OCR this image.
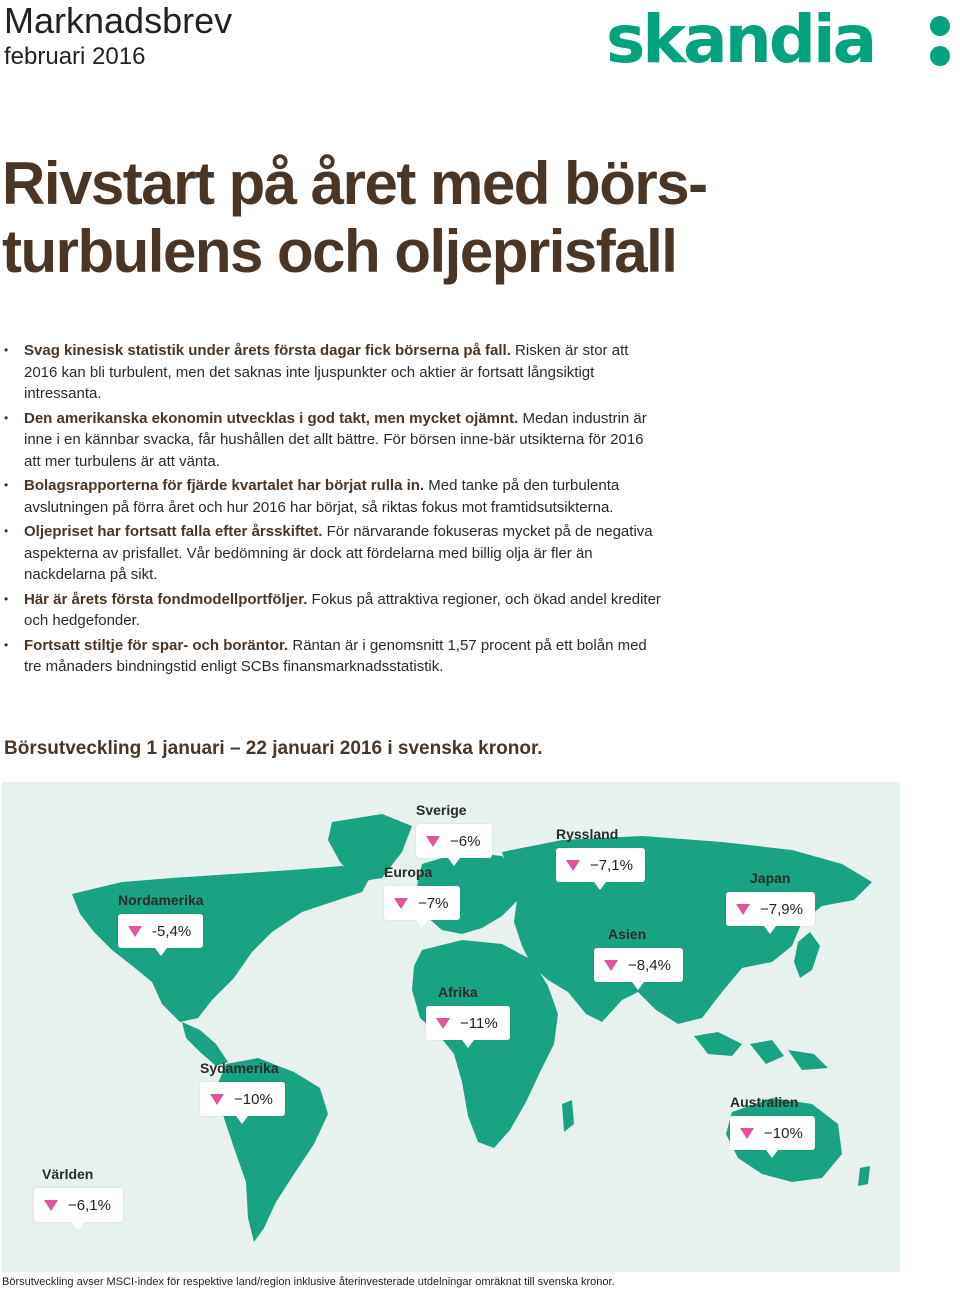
Marknadsbrev
februari 2016	skandia
Rivstart på året med börs-
turbulens och oljeprisfall
• Svag kinesisk statistik under årets första dagar fick börserna på fall. Risken är stor att 2016 kan bli turbulent, men det saknas inte ljuspunkter och aktier är fortsatt långsiktigt intressanta.
• Den amerikanska ekonomin utvecklas i god takt, men mycket ojämnt. Medan industrin är inne i en kännbar svacka, får hushållen det allt bättre. För börsen inne-bär utsikterna för 2016 att mer turbulens är att vänta.
• Bolagsrapporterna för fjärde kvartalet har börjat rulla in. Med tanke på den turbulenta avslutningen på förra året och hur 2016 har börjat, så riktas fokus mot framtidsutsikterna.
• Oljepriset har fortsatt falla efter årsskiftet. För närvarande fokuseras mycket på de negativa aspekterna av prisfallet. Vår bedömning är dock att fördelarna med billig olja är fler än nackdelarna på sikt.
• Här är årets första fondmodellportföljer. Fokus på attraktiva regioner, och ökad andel krediter och hedgefonder.
• Fortsatt stiltje för spar- och boräntor. Räntan är i genomsnitt 1,57 procent på ett bolån med tre månaders bindningstid enligt SCBs finansmarknadsstatistik.
Börsutveckling 1 januari – 22 januari 2016 i svenska kronor.
Sverige
−6%	Ryssland
−7,1%
Europa
−7%
Nordamerika
-5,4%
Japan
−7,9%
Asien
−8,4%
Afrika
−11%
Sydamerika
−10%	Australien
−10%
Världen
−6,1%
Börsutveckling avser MSCI-index för respektive land/region inklusive återinvesterade utdelningar omräknat till svenska kronor.
